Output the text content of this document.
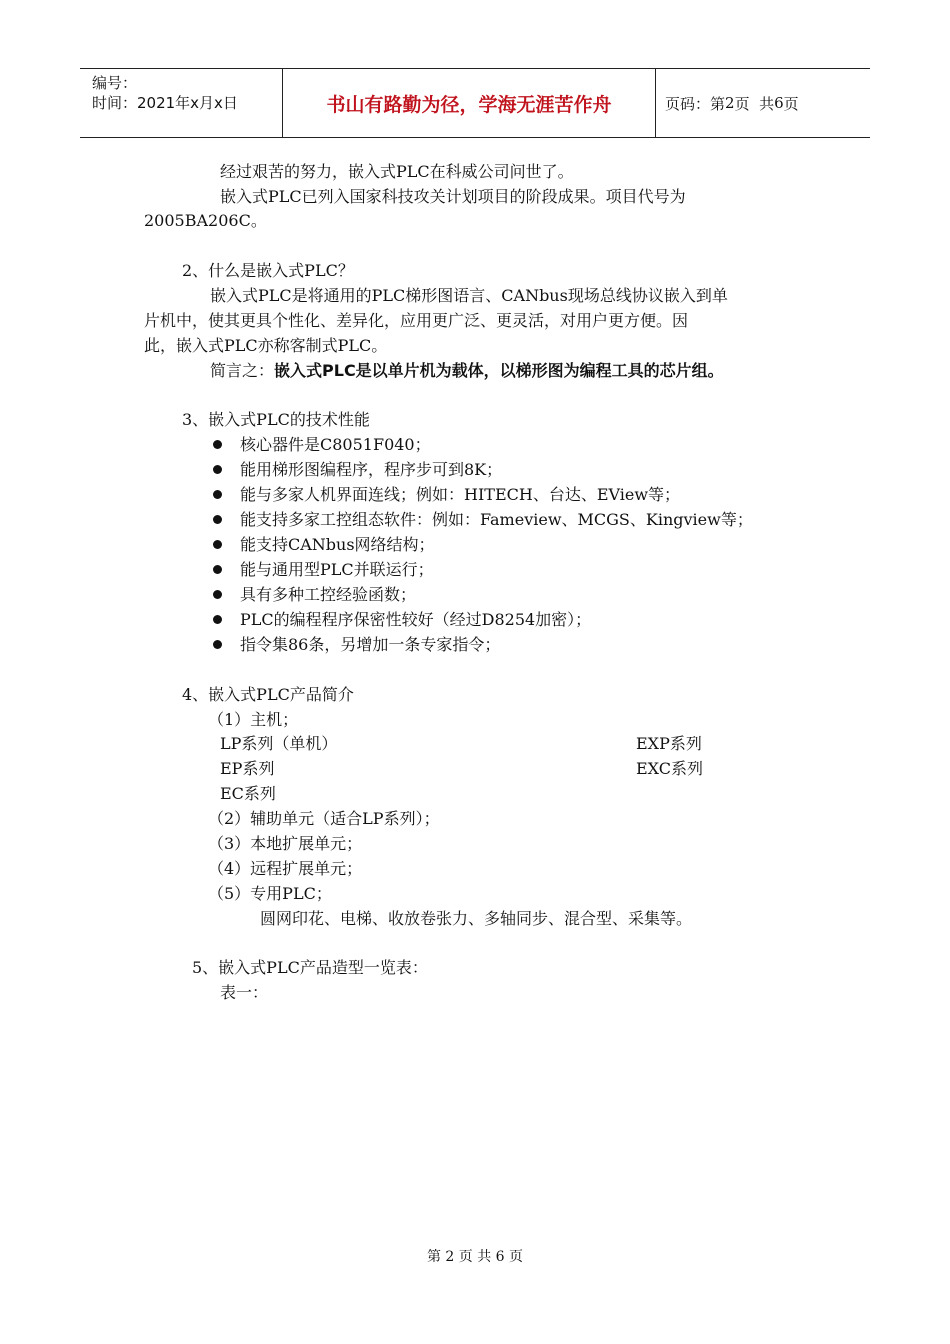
编号：
时间：2021年x月x日	书山有路勤为径，学海无涯苦作舟	页码：第 2 页  共 6 页
经过艰苦的努力，嵌入式PLC在科威公司问世了。
嵌入式PLC已列入国家科技攻关计划项目的阶段成果。项目代号为
2005BA206C。
2、什么是嵌入式PLC？
嵌入式PLC是将通用的PLC梯形图语言、CANbus现场总线协议嵌入到单
片机中，使其更具个性化、差异化，应用更广泛、更灵活，对用户更方便。因
此，嵌入式PLC亦称客制式PLC。
简言之：嵌入式PLC是以单片机为载体，以梯形图为编程工具的芯片组。
3、嵌入式PLC的技术性能
核心器件是C8051F040；
能用梯形图编程序，程序步可到8K；
能与多家人机界面连线；例如：HITECH、台达、EView等；
能支持多家工控组态软件：例如：Fameview、MCGS、Kingview等；
能支持CANbus网络结构；
能与通用型PLC并联运行；
具有多种工控经验函数；
PLC的编程程序保密性较好（经过D8254加密）；
指令集86条，另增加一条专家指令；
4、嵌入式PLC产品简介
（1）主机；
LP系列（单机）	EXP系列
EP系列	EXC系列
EC系列
（2）辅助单元（适合LP系列）；
（3）本地扩展单元；
（4）远程扩展单元；
（5）专用PLC；
圆网印花、电梯、收放卷张力、多轴同步、混合型、采集等。
5、嵌入式PLC产品造型一览表：
表一：
第 2 页 共 6 页
